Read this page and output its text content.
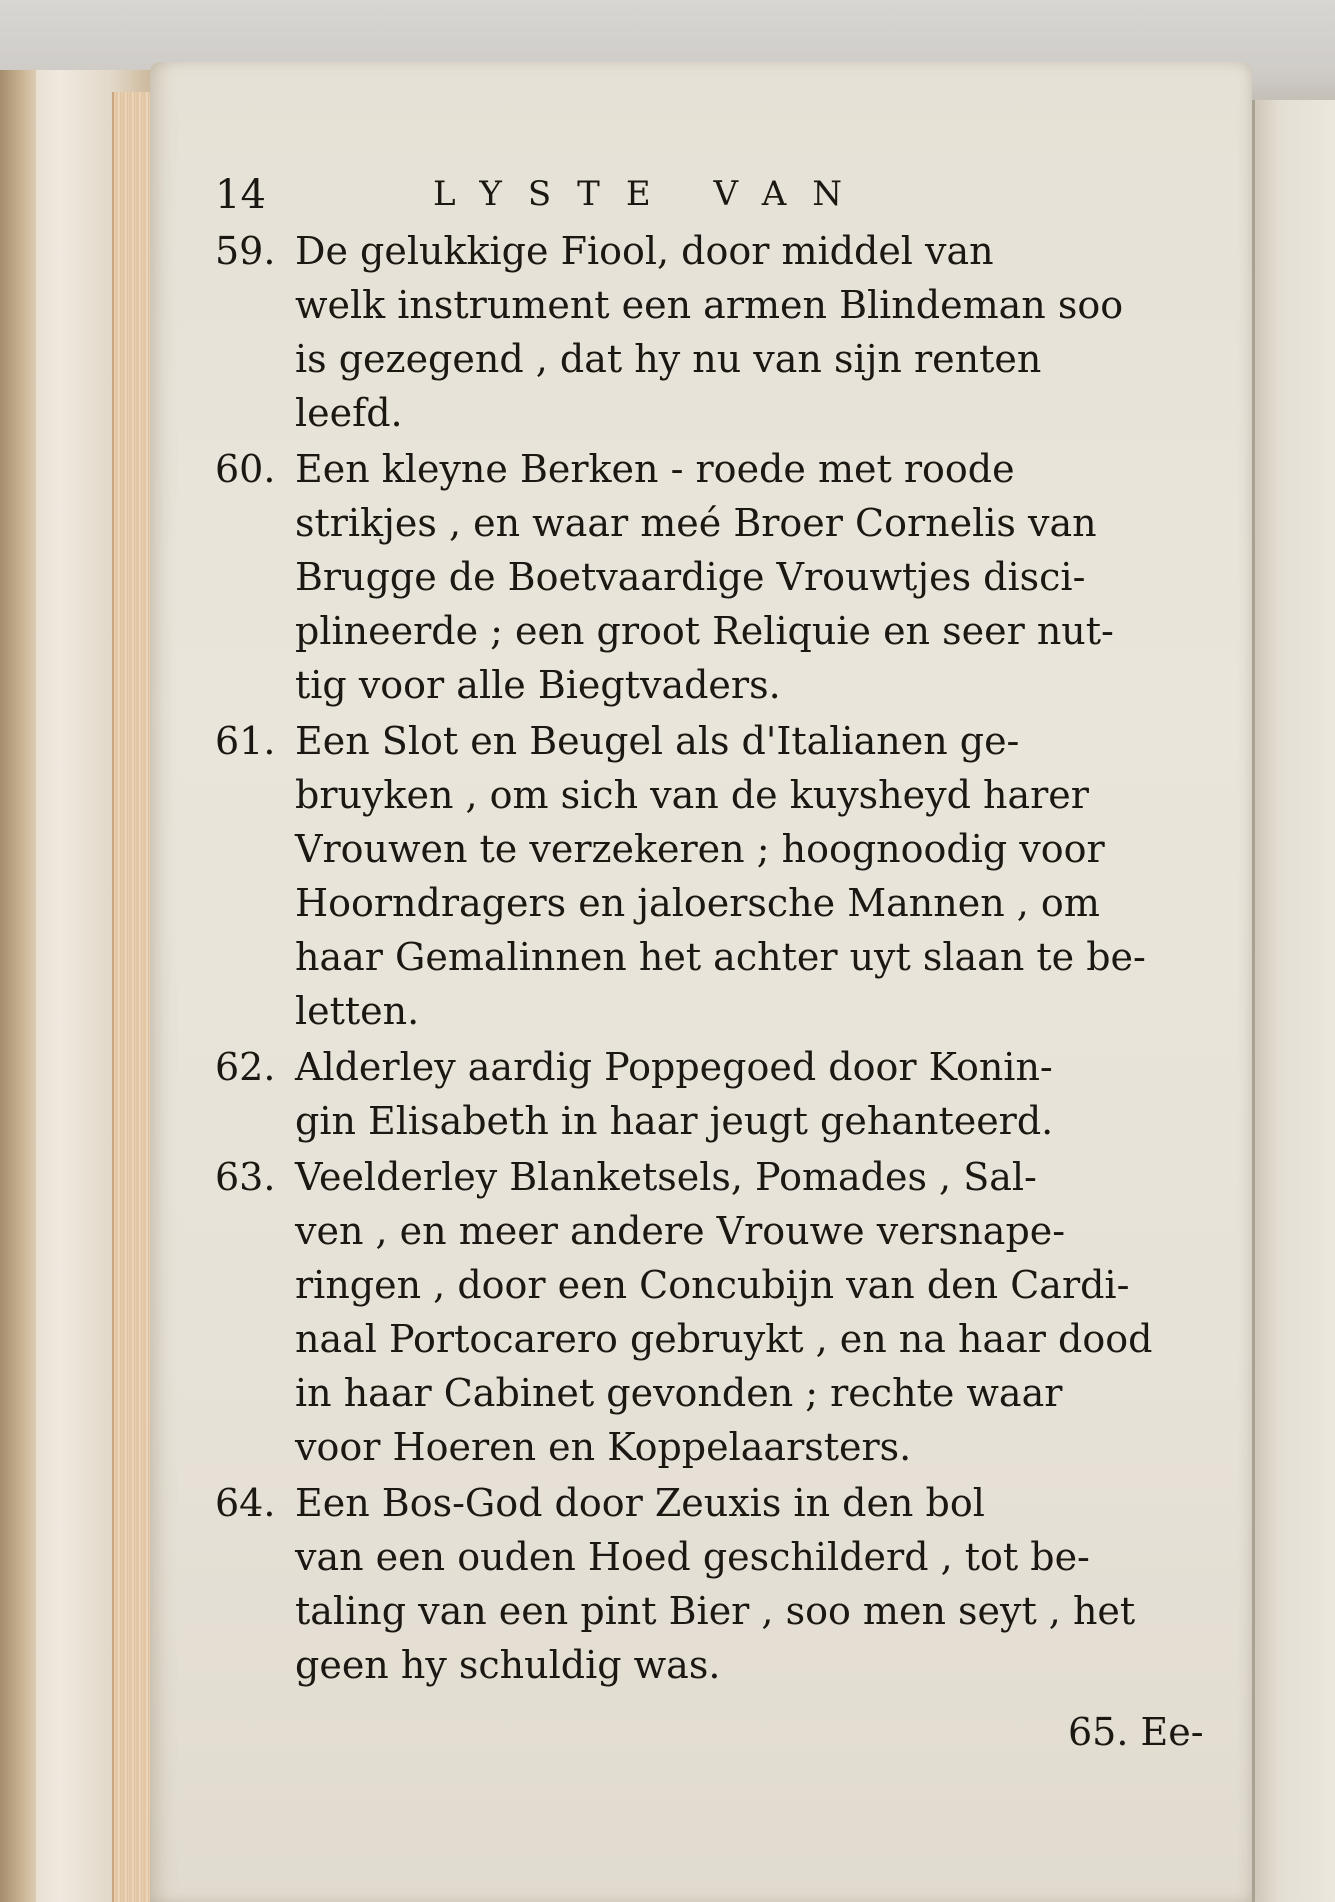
14	LYSTE VAN
59. De gelukkige Fiool, door middel van
welk instrument een armen Blindeman soo
is gezegend , dat hy nu van sijn renten
leefd.
60. Een kleyne Berken - roede met roode
strikjes , en waar meé Broer Cornelis van
Brugge de Boetvaardige Vrouwtjes disci-
plineerde ; een groot Reliquie en seer nut-
tig voor alle Biegtvaders.
61. Een Slot en Beugel als d'Italianen ge-
bruyken , om sich van de kuysheyd harer
Vrouwen te verzekeren ; hoognoodig voor
Hoorndragers en jaloersche Mannen , om
haar Gemalinnen het achter uyt slaan te be-
letten.
62. Alderley aardig Poppegoed door Konin-
gin Elisabeth in haar jeugt gehanteerd.
63. Veelderley Blanketsels, Pomades , Sal-
ven , en meer andere Vrouwe versnape-
ringen , door een Concubijn van den Cardi-
naal Portocarero gebruykt , en na haar dood
in haar Cabinet gevonden ; rechte waar
voor Hoeren en Koppelaarsters.
64. Een Bos-God door Zeuxis in den bol
van een ouden Hoed geschilderd , tot be-
taling van een pint Bier , soo men seyt , het
geen hy schuldig was.
65. Ee-
